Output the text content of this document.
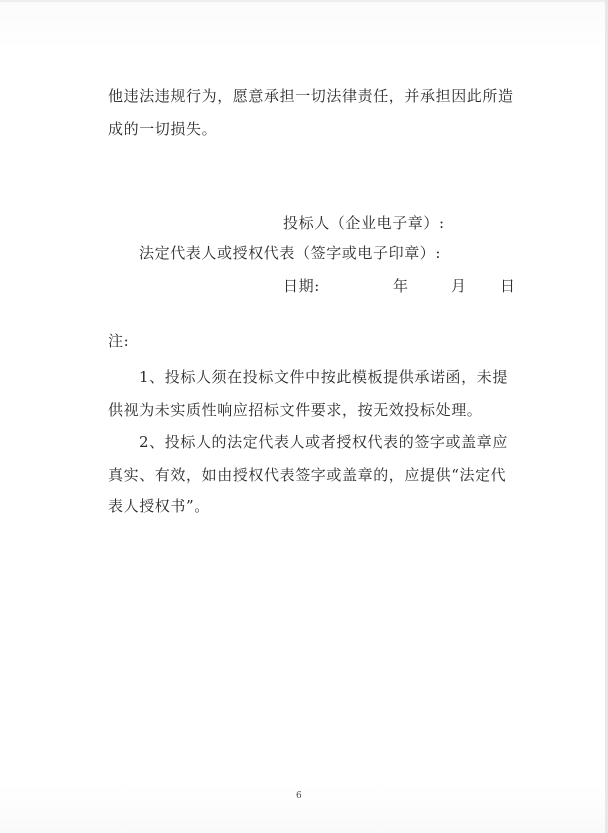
他违法违规行为，愿意承担一切法律责任，并承担因此所造
成的一切损失。
投标人（企业电子章）:
法定代表人或授权代表（签字或电子印章）:
日期:	年	月 日
注:
1、投标人须在投标文件中按此模板提供承诺函，未提
供视为未实质性响应招标文件要求，按无效投标处理。
2、投标人的法定代表人或者授权代表的签字或盖章应
真实、有效，如由授权代表签字或盖章的，应提供“法定代
表人授权书”。
6
